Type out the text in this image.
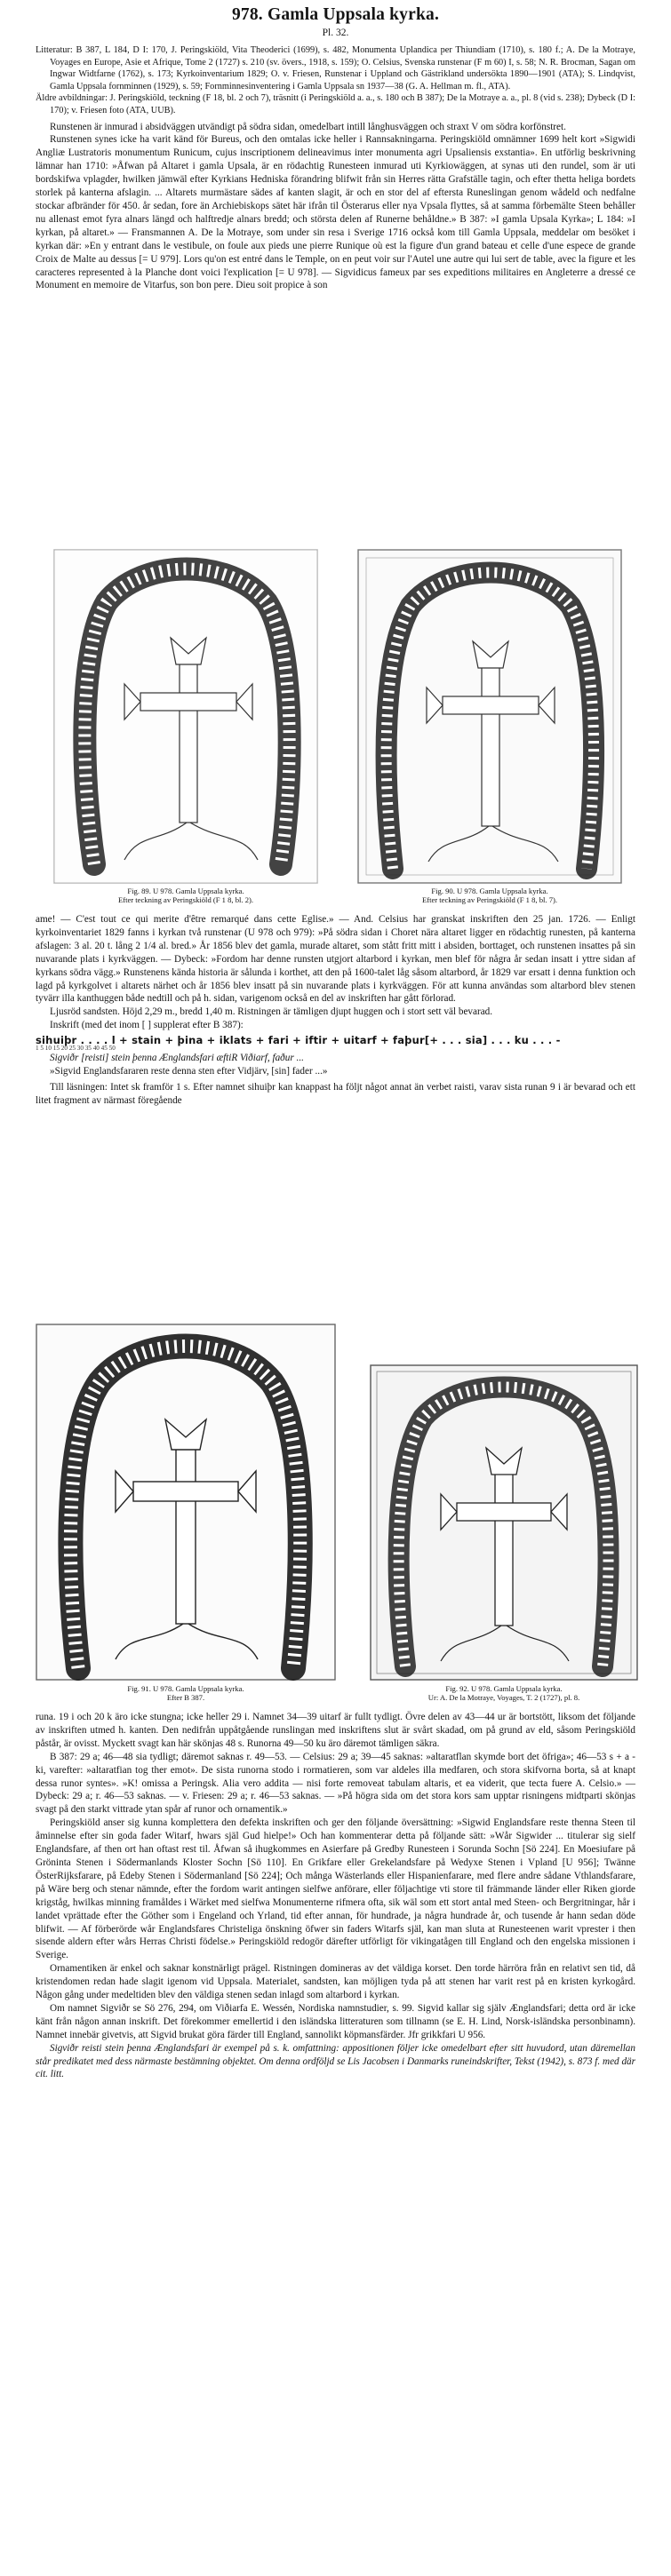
978. Gamla Uppsala kyrka.
Pl. 32.

Litteratur: B 387, L 184, D I: 170, J. Peringskiöld, Vita Theoderici (1699), s. 482, Monumenta Uplandica per Thiundiam (1710), s. 180 f.; A. De la Motraye, Voyages en Europe, Asie et Afrique, Tome 2 (1727) s. 210 (sv. övers., 1918, s. 159); O. Celsius, Svenska runstenar (F m 60) I, s. 58; N. R. Brocman, Sagan om Ingwar Widtfarne (1762), s. 173; Kyrkoinventarium 1829; O. v. Friesen, Runstenar i Uppland och Gästrikland undersökta 1890—1901 (ATA); S. Lindqvist, Gamla Uppsala fornminnen (1929), s. 59; Fornminnesinventering i Gamla Uppsala sn 1937—38 (G. A. Hellman m. fl., ATA).

Äldre avbildningar: J. Peringskiöld, teckning (F 18, bl. 2 och 7), träsnitt (i Peringskiöld a. a., s. 180 och B 387); De la Motraye a. a., pl. 8 (vid s. 238); Dybeck (D I: 170); v. Friesen foto (ATA, UUB).

Runstenen är inmurad i absidväggen utvändigt på södra sidan, omedelbart intill långhusväggen och straxt V om södra korfönstret.

Runstenen synes icke ha varit känd för Bureus, och den omtalas icke heller i Rannsakningarna. Peringskiöld omnämner 1699 helt kort »Sigwidi Angliæ Lustratoris monumentum Runicum, cujus inscriptionem delineavimus inter monumenta agri Upsaliensis exstantia». En utförlig beskrivning lämnar han 1710: »Åfwan på Altaret i gamla Upsala, är en rödachtig Runesteen inmurad uti Kyrkiowäggen, at synas uti den rundel, som är uti bordskifwa vplagder, hwilken jämwäl efter Kyrkians Hedniska förandring blifwit från sin Herres rätta Grafställe tagin, och efter thetta heliga bordets storlek på kanterna afslagin. ... Altarets murmästare sädes af kanten slagit, är och en stor del af eftersta Runeslingan genom wådeld och nedfalne stockar afbränder för 450. år sedan, fore än Archiebiskops sätet här ifrån til Österarus eller nya Vpsala flyttes, så at samma förbemälte Steen behåller nu allenast emot fyra alnars längd och halftredje alnars bredd; och största delen af Runerne behåldne.» B 387: »I gamla Upsala Kyrka»; L 184: »I kyrkan, på altaret.» — Fransmannen A. De la Motraye, som under sin resa i Sverige 1716 också kom till Gamla Uppsala, meddelar om besöket i kyrkan där: »En y entrant dans le vestibule, on foule aux pieds une pierre Runique où est la figure d'un grand bateau et celle d'une espece de grande Croix de Malte au dessus [= U 979]. Lors qu'on est entré dans le Temple, on en peut voir sur l'Autel une autre qui lui sert de table, avec la figure et les caracteres represented à la Planche dont voici l'explication [= U 978]. — Sigvidicus fameux par ses expeditions militaires en Angleterre a dressé ce Monument en memoire de Vitarfus, son bon pere. Dieu soit propice à son

Fig. 89. U 978. Gamla Uppsala kyrka.
Efter teckning av Peringskiöld (F 1 8, bl. 2).
Fig. 90. U 978. Gamla Uppsala kyrka.
Efter teckning av Peringskiöld (F 1 8, bl. 7).

ame! — C'est tout ce qui merite d'être remarqué dans cette Eglise.» — And. Celsius har granskat inskriften den 25 jan. 1726. — Enligt kyrkoinventariet 1829 fanns i kyrkan två runstenar (U 978 och 979): »På södra sidan i Choret nära altaret ligger en rödachtig runesten, på kanterna afslagen: 3 al. 20 t. lång 2 1/4 al. bred.» År 1856 blev det gamla, murade altaret, som stått fritt mitt i absiden, borttaget, och runstenen insattes på sin nuvarande plats i kyrkväggen. — Dybeck: »Fordom har denne runsten utgjort altarbord i kyrkan, men blef för några år sedan insatt i yttre sidan af kyrkans södra vägg.» Runstenens kända historia är sålunda i korthet, att den på 1600-talet låg såsom altarbord, år 1829 var ersatt i denna funktion och lagd på kyrkgolvet i altarets närhet och år 1856 blev insatt på sin nuvarande plats i kyrkväggen. För att kunna användas som altarbord blev stenen tyvärr illa kanthuggen både nedtill och på h. sidan, varigenom också en del av inskriften har gått förlorad.

Ljusröd sandsten. Höjd 2,29 m., bredd 1,40 m. Ristningen är tämligen djupt huggen och i stort sett väl bevarad.

Inskrift (med det inom [ ] supplerat efter B 387):

sihuiþr . . . . l + stain + þina + iklats + fari + iftir + uitarf + faþur[+ . . . sia] . . . ku . . . -
1 5 10 15 20 25 30 35 40 45 50

Sigviðr [reisti] stein þenna Ænglandsfari æftiR Viðiarf, faður ...

»Sigvid Englandsfararen reste denna sten efter Vidjärv, [sin] fader ...»

Till läsningen: Intet sk framför 1 s. Efter namnet sihuiþr kan knappast ha följt något annat än verbet raisti, varav sista runan 9 i är bevarad och ett litet fragment av närmast föregående

Fig. 91. U 978. Gamla Uppsala kyrka.
Efter B 387.
Fig. 92. U 978. Gamla Uppsala kyrka.
Ur: A. De la Motraye, Voyages, T. 2 (1727), pl. 8.

runa. 19 i och 20 k äro icke stungna; icke heller 29 i. Namnet 34—39 uitarf är fullt tydligt. Övre delen av 43—44 ur är bortstött, liksom det följande av inskriften utmed h. kanten. Den nedifrån uppåtgående runslingan med inskriftens slut är svårt skadad, om på grund av eld, såsom Peringskiöld påstår, är ovisst. Myckett svagt kan här skönjas 48 s. Runorna 49—50 ku äro däremot tämligen säkra.

B 387: 29 a; 46—48 sia tydligt; däremot saknas r. 49—53. — Celsius: 29 a; 39—45 saknas: »altaratflan skymde bort det öfriga»; 46—53 s + a - ki, varefter: »altaratfian tog ther emot». De sista runorna stodo i rormatieren, som var aldeles illa medfaren, och stora skifvorna borta, så at knapt dessa runor syntes». »K! omissa a Peringsk. Alia vero addita — nisi forte removeat tabulam altaris, et ea viderit, que tecta fuere A. Celsio.» — Dybeck: 29 a; r. 46—53 saknas. — v. Friesen: 29 a; r. 46—53 saknas. — »På högra sida om det stora kors sam upptar risningens midtparti skönjas svagt på den starkt vittrade ytan spår af runor och ornamentik.»

Peringskiöld anser sig kunna komplettera den defekta inskriften och ger den följande översättning: »Sigwid Englandsfare reste thenna Steen til åminnelse efter sin goda fader Witarf, hwars själ Gud hielpe!» Och han kommenterar detta på följande sätt: »Wår Sigwider ... titulerar sig sielf Englandsfare, af then ort han oftast rest til. Åfwan så ihugkommes en Asierfare på Gredby Runesteen i Sorunda Sochn [Sö 224]. En Moesiufare på Gröninta Stenen i Södermanlands Kloster Sochn [Sö 110]. En Grikfare eller Grekelandsfare på Wedyxe Stenen i Vpland [U 956]; Twänne ÖsterRijksfarare, på Edeby Stenen i Södermanland [Sö 224]; Och många Wästerlands eller Hispanienfarare, med flere andre sådane Vthlandsfarare, på Wäre berg och stenar nämnde, efter the fordom warit antingen sielfwe anförare, eller följachtige vti store til främmande länder eller Riken giorde krigståg, hwilkas minning framåldes i Wärket med sielfwa Monumenterne rifmera ofta, sik wäl som ett stort antal med Steen- och Bergritningar, hår i landet vprättade efter the Göther som i Engeland och Yrland, tid efter annan, för hundrade, ja några hundrade år, och tusende år hann sedan döde blifwit. — Af förberörde wår Englandsfares Christeliga önskning öfwer sin faders Witarfs själ, kan man sluta at Runesteenen warit vprester i then sisende aldern efter wårs Herras Christi födelse.» Peringskiöld redogör därefter utförligt för vikingatågen till England och den engelska missionen i Sverige.

Ornamentiken är enkel och saknar konstnärligt prägel. Ristningen domineras av det väldiga korset. Den torde härröra från en relativt sen tid, då kristendomen redan hade slagit igenom vid Uppsala. Materialet, sandsten, kan möjligen tyda på att stenen har varit rest på en kristen kyrkogård. Någon gång under medeltiden blev den väldiga stenen sedan inlagd som altarbord i kyrkan.

Om namnet Sigviðr se Sö 276, 294, om Viðiarfa E. Wessén, Nordiska namnstudier, s. 99. Sigvid kallar sig själv Ænglandsfari; detta ord är icke känt från någon annan inskrift. Det förekommer emellertid i den isländska litteraturen som tillnamn (se E. H. Lind, Norsk-isländska personbinamn). Namnet innebär givetvis, att Sigvid brukat göra färder till England, sannolikt köpmansfärder. Jfr grikkfari U 956.

Sigviðr reisti stein þenna Ænglandsfari är exempel på s. k. omfattning: appositionen följer icke omedelbart efter sitt huvudord, utan däremellan står predikatet med dess närmaste bestämning objektet. Om denna ordföljd se Lis Jacobsen i Danmarks runeindskrifter, Tekst (1942), s. 873 f. med där cit. litt.
